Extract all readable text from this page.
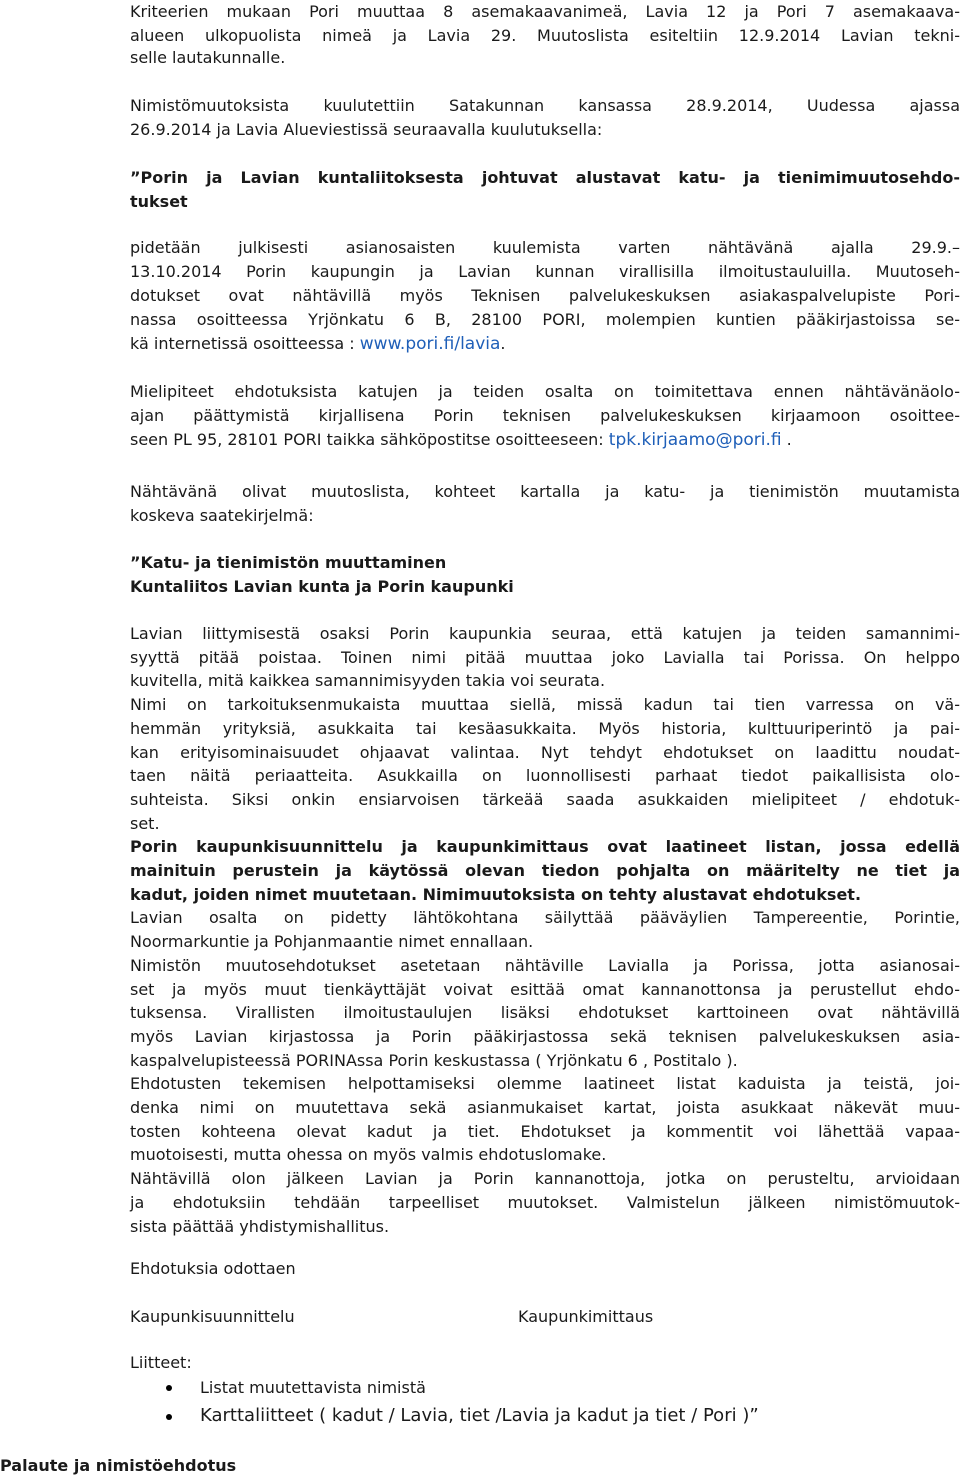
Kriteerien mukaan Pori muuttaa 8 asemakaavanimeä, Lavia 12 ja Pori 7 asemakaava-
alueen ulkopuolista nimeä ja Lavia 29. Muutoslista esiteltiin 12.9.2014 Lavian tekni-
selle lautakunnalle.
Nimistömuutoksista kuulutettiin Satakunnan kansassa 28.9.2014, Uudessa ajassa
26.9.2014 ja Lavia Alueviestissä seuraavalla kuulutuksella:
”Porin ja Lavian kuntaliitoksesta johtuvat alustavat katu- ja tienimimuutosehdo-
tukset
pidetään julkisesti asianosaisten kuulemista varten nähtävänä ajalla 29.9.–
13.10.2014 Porin kaupungin ja Lavian kunnan virallisilla ilmoitustauluilla. Muutoseh-
dotukset ovat nähtävillä myös Teknisen palvelukeskuksen asiakaspalvelupiste Pori-
nassa osoitteessa Yrjönkatu 6 B, 28100 PORI, molempien kuntien pääkirjastoissa se-
kä internetissä osoitteessa : www.pori.fi/lavia.
Mielipiteet ehdotuksista katujen ja teiden osalta on toimitettava ennen nähtävänäolo-
ajan päättymistä kirjallisena Porin teknisen palvelukeskuksen kirjaamoon osoittee-
seen PL 95, 28101 PORI taikka sähköpostitse osoitteeseen: tpk.kirjaamo@pori.fi .
Nähtävänä olivat muutoslista, kohteet kartalla ja katu- ja tienimistön muutamista
koskeva saatekirjelmä:
”Katu- ja tienimistön muuttaminen
Kuntaliitos Lavian kunta ja Porin kaupunki
Lavian liittymisestä osaksi Porin kaupunkia seuraa, että katujen ja teiden samannimi-
syyttä pitää poistaa. Toinen nimi pitää muuttaa joko Lavialla tai Porissa. On helppo
kuvitella, mitä kaikkea samannimisyyden takia voi seurata.
Nimi on tarkoituksenmukaista muuttaa siellä, missä kadun tai tien varressa on vä-
hemmän yrityksiä, asukkaita tai kesäasukkaita. Myös historia, kulttuuriperintö ja pai-
kan erityisominaisuudet ohjaavat valintaa. Nyt tehdyt ehdotukset on laadittu noudat-
taen näitä periaatteita. Asukkailla on luonnollisesti parhaat tiedot paikallisista olo-
suhteista. Siksi onkin ensiarvoisen tärkeää saada asukkaiden mielipiteet / ehdotuk-
set.
Porin kaupunkisuunnittelu ja kaupunkimittaus ovat laatineet listan, jossa edellä
mainituin perustein ja käytössä olevan tiedon pohjalta on määritelty ne tiet ja
kadut, joiden nimet muutetaan. Nimimuutoksista on tehty alustavat ehdotukset.
Lavian osalta on pidetty lähtökohtana säilyttää pääväylien Tampereentie, Porintie,
Noormarkuntie ja Pohjanmaantie nimet ennallaan.
Nimistön muutosehdotukset asetetaan nähtäville Lavialla ja Porissa, jotta asianosai-
set ja myös muut tienkäyttäjät voivat esittää omat kannanottonsa ja perustellut ehdo-
tuksensa. Virallisten ilmoitustaulujen lisäksi ehdotukset karttoineen ovat nähtävillä
myös Lavian kirjastossa ja Porin pääkirjastossa sekä teknisen palvelukeskuksen asia-
kaspalvelupisteessä PORINAssa Porin keskustassa ( Yrjönkatu 6 , Postitalo ).
Ehdotusten tekemisen helpottamiseksi olemme laatineet listat kaduista ja teistä, joi-
denka nimi on muutettava sekä asianmukaiset kartat, joista asukkaat näkevät muu-
tosten kohteena olevat kadut ja tiet. Ehdotukset ja kommentit voi lähettää vapaa-
muotoisesti, mutta ohessa on myös valmis ehdotuslomake.
Nähtävillä olon jälkeen Lavian ja Porin kannanottoja, jotka on perusteltu, arvioidaan
ja ehdotuksiin tehdään tarpeelliset muutokset. Valmistelun jälkeen nimistömuutok-
sista päättää yhdistymishallitus.
Ehdotuksia odottaen
Kaupunkisuunnittelu	Kaupunkimittaus
Liitteet:
Listat muutettavista nimistä
Karttaliitteet ( kadut / Lavia, tiet /Lavia ja kadut ja tiet / Pori )”
Palaute ja nimistöehdotus
